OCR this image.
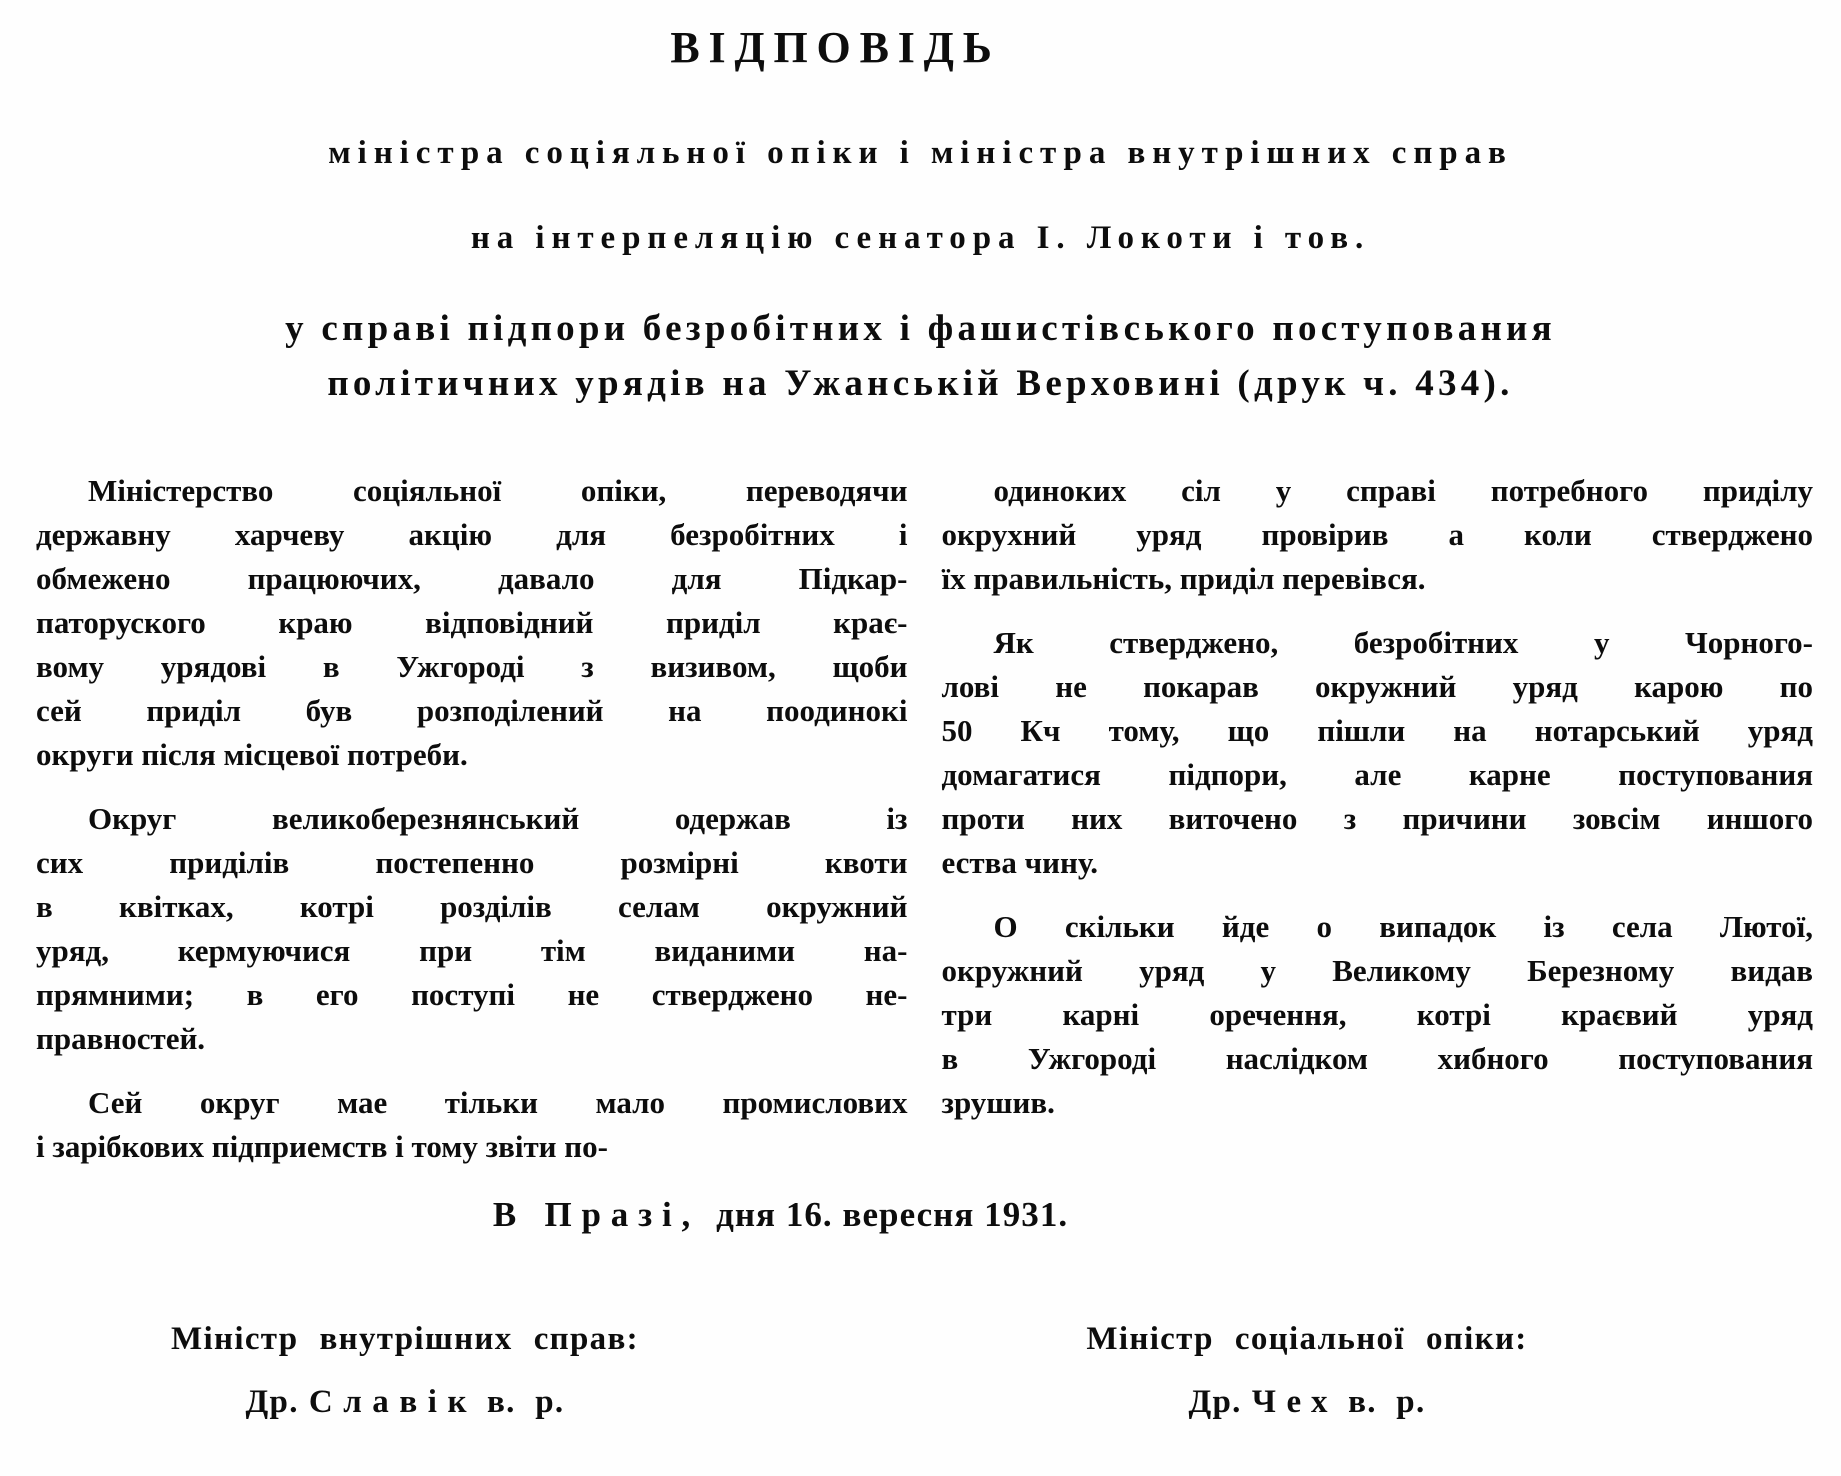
ВІДПОВІДЬ
міністра соціяльної опіки і міністра внутрішних справ
на інтерпеляцію сенатора І. Локоти і тов.
у справі підпори безробітних і фашистівського поступования
політичних урядів на Ужанській Верховині (друк ч. 434).
Міністерство соціяльної опіки, переводячи
державну харчеву акцію для безробітних і
обмежено працюючих, давало для Підкар-
паторуского краю відповідний приділ крає-
вому урядові в Ужгороді з визивом, щоби
сей приділ був розподілений на поодинокі
округи після місцевої потреби.
Округ великоберезнянський одержав із
сих приділів постепенно розмірні квоти
в квітках, котрі розділів селам окружний
уряд, кермуючися при тім виданими на-
прямними; в его поступі не стверджено не-
правностей.
Сей округ мае тільки мало промислових
і зарібкових підприемств і тому звіти по-
одиноких сіл у справі потребного приділу
окрухний уряд провірив а коли стверджено
їх правильність, приділ перевівся.
Як стверджено, безробітних у Чорного-
лові не покарав окружний уряд карою по
50 Кч тому, що пішли на нотарський уряд
домагатися підпори, але карне поступования
проти них виточено з причини зовсім иншого
ества чину.
О скільки йде о випадок із села Лютої,
окружний уряд у Великому Березному видав
три карні оречення, котрі краєвий уряд
в Ужгороді наслідком хибного поступования
зрушив.
В Празі, дня 16. вересня 1931.
Міністр внутрішних справ:
Др. Славік в. р.
Міністр соціальної опіки:
Др. Чех в. р.
